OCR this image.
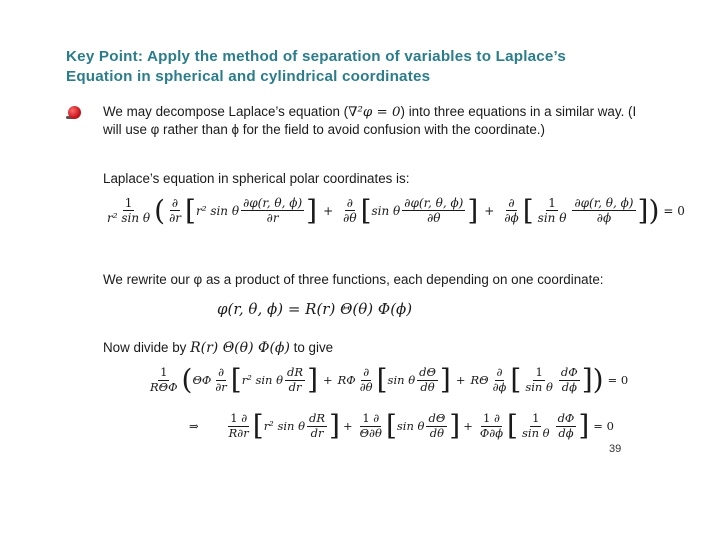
Key Point: Apply the method of separation of variables to Laplace’s
Equation in spherical and cylindrical coordinates
We may decompose Laplace’s equation (∇²φ = 0) into three equations in a similar way. (I will use φ rather than ϕ for the field to avoid confusion with the coordinate.)
Laplace’s equation in spherical polar coordinates is:
$\frac{1}{\text{r² sin θ}}$ ( $\frac{\partial}{\partial r}$ [ r² sin θ $\frac{\partial\varphi(r, \theta, \phi)}{\partial r}$ ] + $\frac{\partial}{\partial\theta}$ [ sin θ $\frac{\partial\varphi(r, \theta, \phi)}{\partial\theta}$ ] + $\frac{\partial}{\partial\phi}$ [ $\frac{1}{\text{sin θ}} \frac{\partial\varphi(r, \theta, \phi)}{\partial\phi}$ ] ) = 0
We rewrite our φ as a product of three functions, each depending on one coordinate:
φ(r, θ, ϕ) = R(r) Θ(θ) Φ(ϕ)
Now divide by R(r) Θ(θ) Φ(ϕ) to give
$\frac{1}{\text{RΘΦ}}$ ( ΘΦ $\frac{\partial}{\partial r}$ [ r² sin θ $\frac{dR}{dr}$ ] + RΦ $\frac{\partial}{\partial\theta}$ [ sin θ $\frac{d\Theta}{d\theta}$ ] + RΘ $\frac{\partial}{\partial\phi}$ [ $\frac{1}{\text{sin θ}} \frac{d\Phi}{d\phi}$ ] ) = 0
⇒ $\frac{1 \partial}{R\partial r}$ [ r² sin θ $\frac{dR}{dr}$ ] + $\frac{1 \partial}{\Theta\partial\theta}$ [ sin θ $\frac{d\Theta}{d\theta}$ ] + $\frac{1 \partial}{\Phi\partial\phi}$ [ $\frac{1}{\text{sin θ}} \frac{d\Phi}{d\phi}$ ] = 0
39
